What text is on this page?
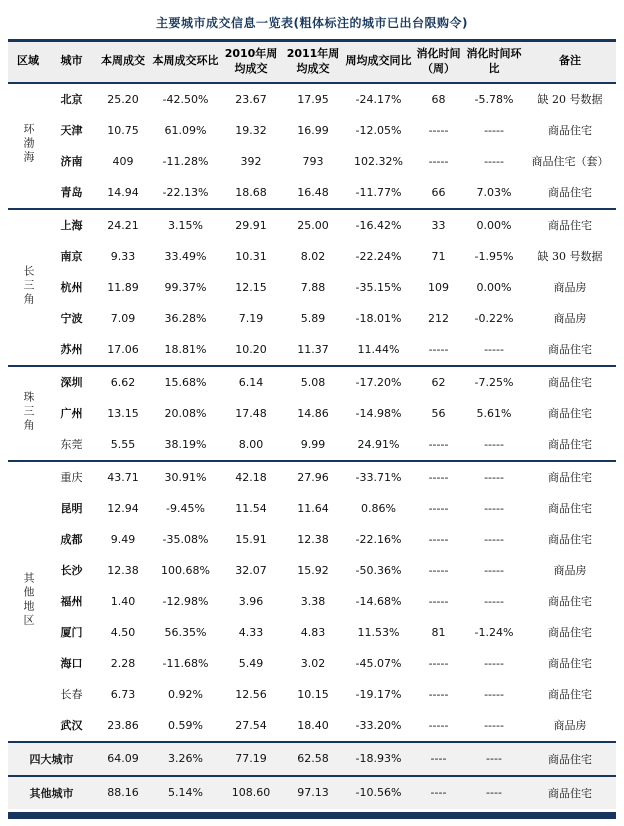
主要城市成交信息一览表(粗体标注的城市已出台限购令)
区域	城市	本周成交	本周成交环比	2010年周均成交	2011年周均成交	周均成交同比	消化时间（周）	消化时间环比	备注
环渤海	北京	25.20	-42.50%	23.67	17.95	-24.17%	68	-5.78%	缺 20 号数据
	天津	10.75	61.09%	19.32	16.99	-12.05%	-----	-----	商品住宅
	济南	409	-11.28%	392	793	102.32%	-----	-----	商品住宅（套）
	青岛	14.94	-22.13%	18.68	16.48	-11.77%	66	7.03%	商品住宅
长三角	上海	24.21	3.15%	29.91	25.00	-16.42%	33	0.00%	商品住宅
	南京	9.33	33.49%	10.31	8.02	-22.24%	71	-1.95%	缺 30 号数据
	杭州	11.89	99.37%	12.15	7.88	-35.15%	109	0.00%	商品房
	宁波	7.09	36.28%	7.19	5.89	-18.01%	212	-0.22%	商品房
	苏州	17.06	18.81%	10.20	11.37	11.44%	-----	-----	商品住宅
珠三角	深圳	6.62	15.68%	6.14	5.08	-17.20%	62	-7.25%	商品住宅
	广州	13.15	20.08%	17.48	14.86	-14.98%	56	5.61%	商品住宅
	东莞	5.55	38.19%	8.00	9.99	24.91%	-----	-----	商品住宅
其他地区	重庆	43.71	30.91%	42.18	27.96	-33.71%	-----	-----	商品住宅
	昆明	12.94	-9.45%	11.54	11.64	0.86%	-----	-----	商品住宅
	成都	9.49	-35.08%	15.91	12.38	-22.16%	-----	-----	商品住宅
	长沙	12.38	100.68%	32.07	15.92	-50.36%	-----	-----	商品房
	福州	1.40	-12.98%	3.96	3.38	-14.68%	-----	-----	商品住宅
	厦门	4.50	56.35%	4.33	4.83	11.53%	81	-1.24%	商品住宅
	海口	2.28	-11.68%	5.49	3.02	-45.07%	-----	-----	商品住宅
	长春	6.73	0.92%	12.56	10.15	-19.17%	-----	-----	商品住宅
	武汉	23.86	0.59%	27.54	18.40	-33.20%	-----	-----	商品房
四大城市		64.09	3.26%	77.19	62.58	-18.93%	----	----	商品住宅
其他城市		88.16	5.14%	108.60	97.13	-10.56%	----	----	商品住宅
